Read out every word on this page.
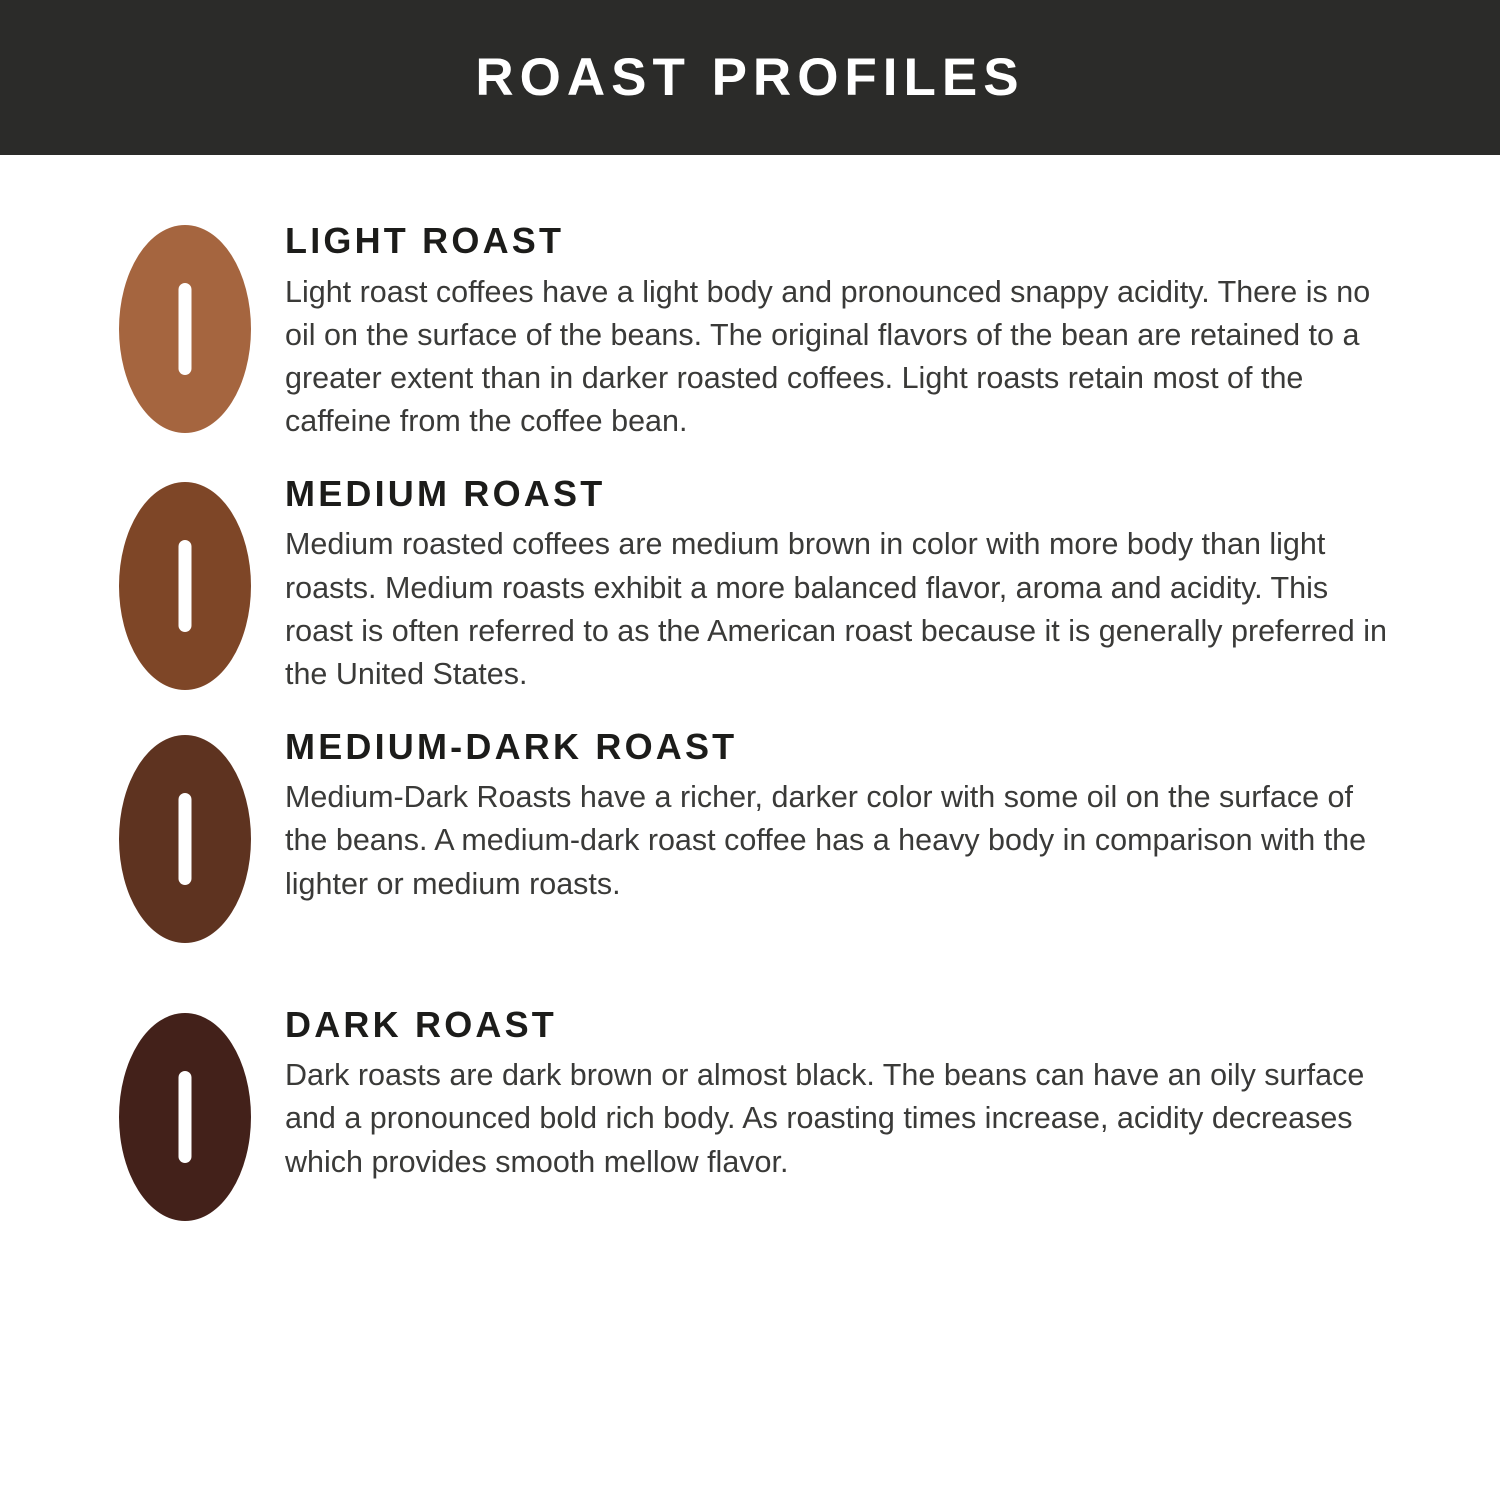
ROAST PROFILES
LIGHT ROAST

Light roast coffees have a light body and pronounced snappy acidity. There is no oil on the surface of the beans. The original flavors of the bean are retained to a greater extent than in darker roasted coffees. Light roasts retain most of the caffeine from the coffee bean.

MEDIUM ROAST

Medium roasted coffees are medium brown in color with more body than light roasts. Medium roasts exhibit a more balanced flavor, aroma and acidity. This roast is often referred to as the American roast because it is generally preferred in the United States.

MEDIUM-DARK ROAST

Medium-Dark Roasts have a richer, darker color with some oil on the surface of the beans. A medium-dark roast coffee has a heavy body in comparison with the lighter or medium roasts.

DARK ROAST

Dark roasts are dark brown or almost black. The beans can have an oily surface and a pronounced bold rich body. As roasting times increase, acidity decreases which provides smooth mellow flavor.
